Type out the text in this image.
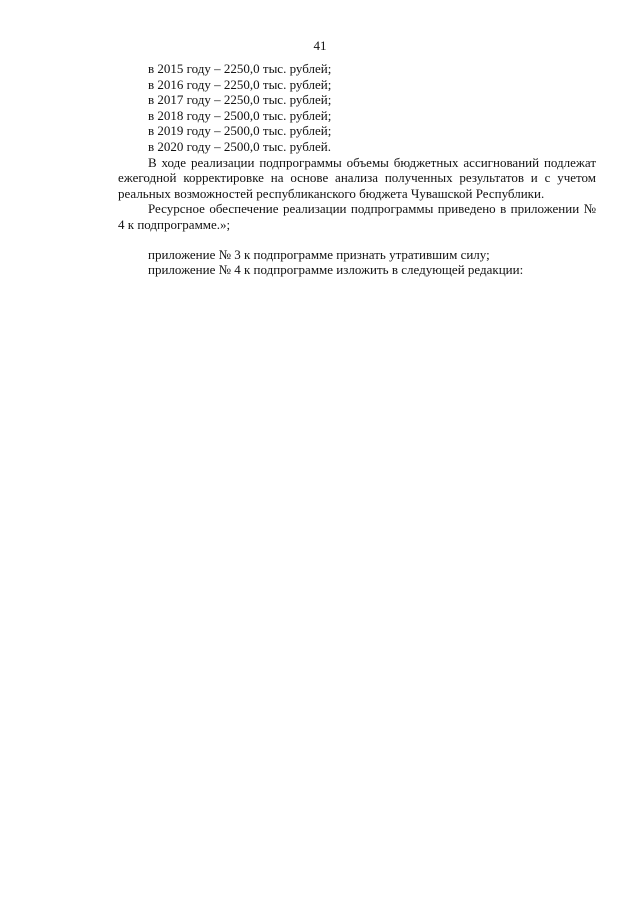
41
в 2015 году – 2250,0 тыс. рублей;
в 2016 году – 2250,0 тыс. рублей;
в 2017 году – 2250,0 тыс. рублей;
в 2018 году – 2500,0 тыс. рублей;
в 2019 году – 2500,0 тыс. рублей;
в 2020 году – 2500,0 тыс. рублей.

В ходе реализации подпрограммы объемы бюджетных ассигнований подлежат ежегодной корректировке на основе анализа полученных результатов и с учетом реальных возможностей республиканского бюджета Чувашской Республики.

Ресурсное обеспечение реализации подпрограммы приведено в приложении № 4 к подпрограмме.»;

приложение № 3 к подпрограмме признать утратившим силу;

приложение № 4 к подпрограмме изложить в следующей редакции:
